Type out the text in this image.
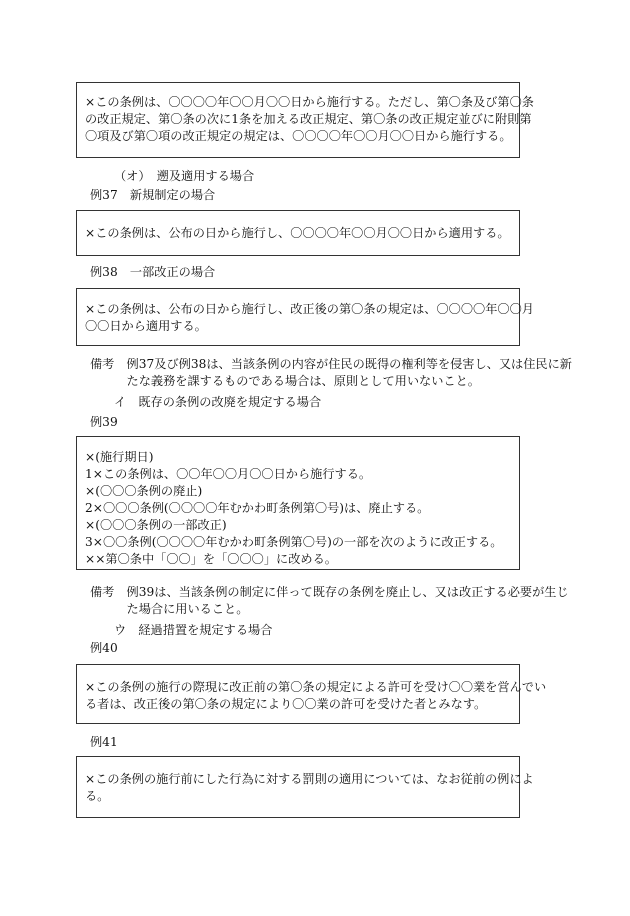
×この条例は、〇〇〇〇年〇〇月〇〇日から施行する。ただし、第〇条及び第〇条
の改正規定、第〇条の次に1条を加える改正規定、第〇条の改正規定並びに附則第
〇項及び第〇項の改正規定の規定は、〇〇〇〇年〇〇月〇〇日から施行する。
（オ）　遡及適用する場合
例37　新規制定の場合
×この条例は、公布の日から施行し、〇〇〇〇年〇〇月〇〇日から適用する。
例38　一部改正の場合
×この条例は、公布の日から施行し、改正後の第〇条の規定は、〇〇〇〇年〇〇月
〇〇日から適用する。
備考　例37及び例38は、当該条例の内容が住民の既得の権利等を侵害し、又は住民に新
　　　たな義務を課するものである場合は、原則として用いないこと。
イ　既存の条例の改廃を規定する場合
例39
×(施行期日)
1×この条例は、〇〇年〇〇月〇〇日から施行する。
×(〇〇〇条例の廃止)
2×〇〇〇条例(〇〇〇〇年むかわ町条例第〇号)は、廃止する。
×(〇〇〇条例の一部改正)
3×〇〇条例(〇〇〇〇年むかわ町条例第〇号)の一部を次のように改正する。
××第〇条中「〇〇」を「〇〇〇」に改める。
備考　例39は、当該条例の制定に伴って既存の条例を廃止し、又は改正する必要が生じ
　　　た場合に用いること。
ウ　経過措置を規定する場合
例40
×この条例の施行の際現に改正前の第〇条の規定による許可を受け〇〇業を営んでい
る者は、改正後の第〇条の規定により〇〇業の許可を受けた者とみなす。
例41
×この条例の施行前にした行為に対する罰則の適用については、なお従前の例によ
る。
